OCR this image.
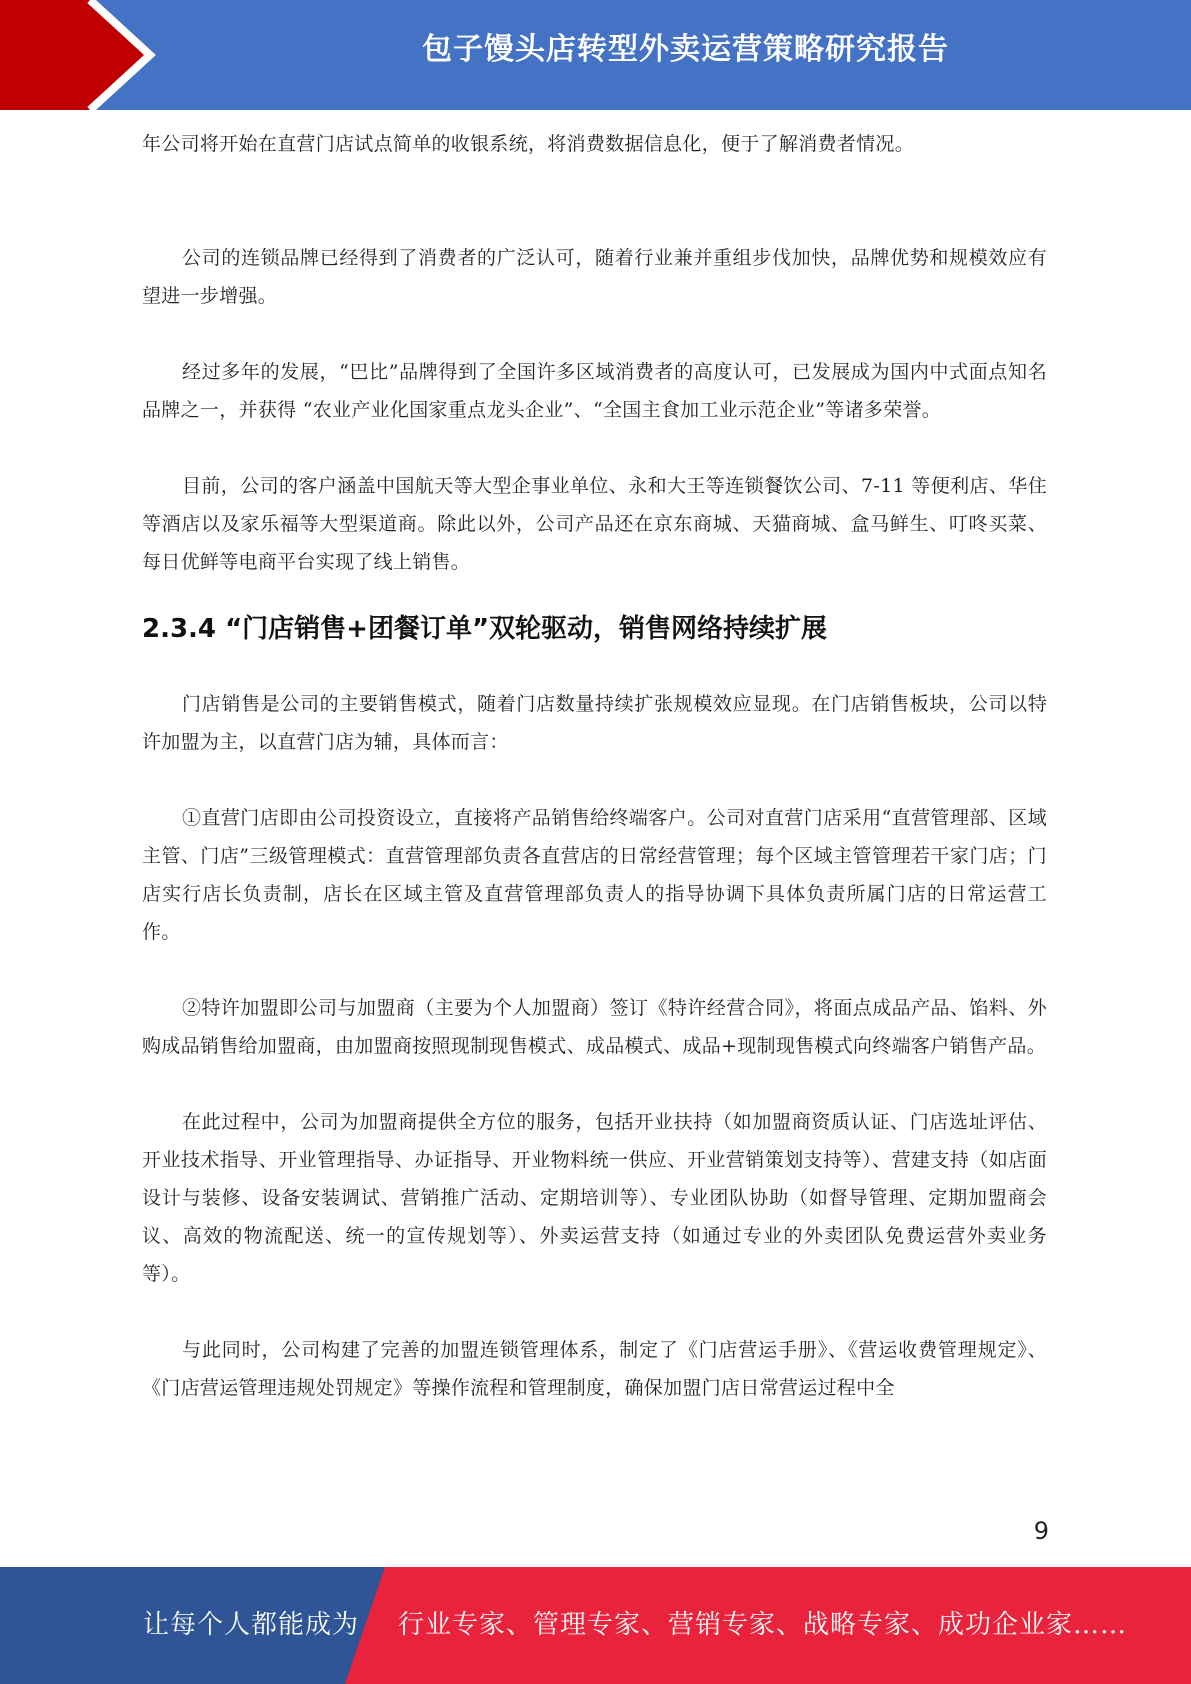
包子馒头店转型外卖运营策略研究报告

年公司将开始在直营门店试点简单的收银系统，将消费数据信息化，便于了解消费者情况。

公司的连锁品牌已经得到了消费者的广泛认可，随着行业兼并重组步伐加快，品牌优势和规模效应有望进一步增强。

经过多年的发展，“巴比”品牌得到了全国许多区域消费者的高度认可，已发展成为国内中式面点知名品牌之一，并获得 “农业产业化国家重点龙头企业”、“全国主食加工业示范企业”等诸多荣誉。

目前，公司的客户涵盖中国航天等大型企事业单位、永和大王等连锁餐饮公司、7-11 等便利店、华住等酒店以及家乐福等大型渠道商。除此以外，公司产品还在京东商城、天猫商城、盒马鲜生、叮咚买菜、每日优鲜等电商平台实现了线上销售。

2.3.4 “门店销售+团餐订单”双轮驱动，销售网络持续扩展

门店销售是公司的主要销售模式，随着门店数量持续扩张规模效应显现。在门店销售板块，公司以特许加盟为主，以直营门店为辅，具体而言：

①直营门店即由公司投资设立，直接将产品销售给终端客户。公司对直营门店采用“直营管理部、区域主管、门店”三级管理模式：直营管理部负责各直营店的日常经营管理；每个区域主管管理若干家门店；门店实行店长负责制，店长在区域主管及直营管理部负责人的指导协调下具体负责所属门店的日常运营工作。

②特许加盟即公司与加盟商（主要为个人加盟商）签订《特许经营合同》，将面点成品产品、馅料、外购成品销售给加盟商，由加盟商按照现制现售模式、成品模式、成品+现制现售模式向终端客户销售产品。

在此过程中，公司为加盟商提供全方位的服务，包括开业扶持（如加盟商资质认证、门店选址评估、开业技术指导、开业管理指导、办证指导、开业物料统一供应、开业营销策划支持等）、营建支持（如店面设计与装修、设备安装调试、营销推广活动、定期培训等）、专业团队协助（如督导管理、定期加盟商会议、高效的物流配送、统一的宣传规划等）、外卖运营支持（如通过专业的外卖团队免费运营外卖业务等）。

与此同时，公司构建了完善的加盟连锁管理体系，制定了《门店营运手册》、《营运收费管理规定》、《门店营运管理违规处罚规定》等操作流程和管理制度，确保加盟门店日常营运过程中全

9
让每个人都能成为 行业专家、管理专家、营销专家、战略专家、成功企业家……
